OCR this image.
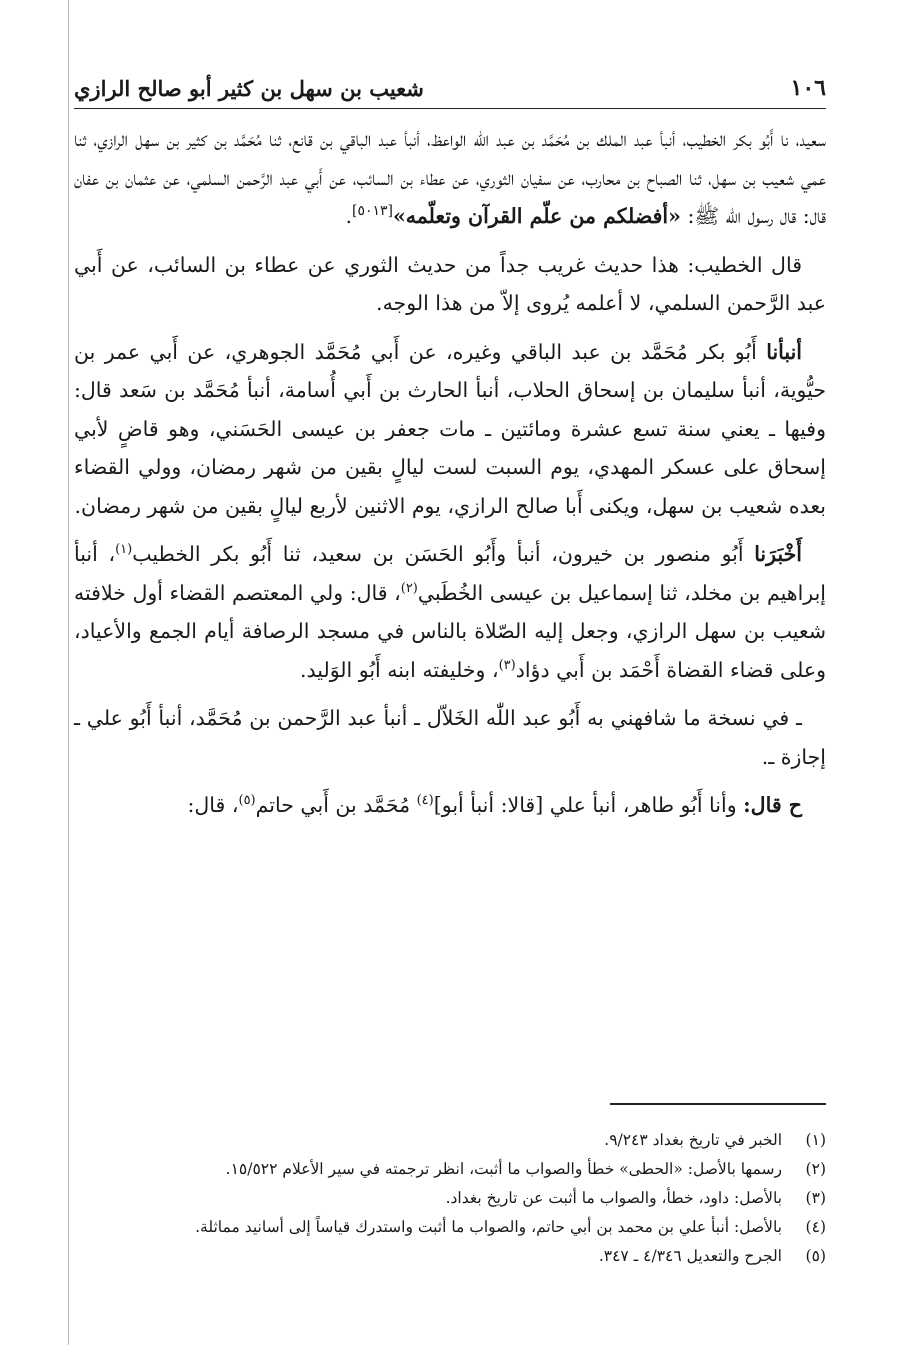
١٠٦
شعيب بن سهل بن كثير أبو صالح الرازي

سعيد، نا أَبُو بكر الخطيب، أنبأ عبد الملك بن مُحَمَّد بن عبد اللّٰه الواعظ، أنبأ عبد الباقي بن قانع، ثنا مُحَمَّد بن كثير بن سهل الرازي، ثنا عمي شعيب بن سهل، ثنا الصباح بن محارب، عن سفيان الثوري، عن عطاء بن السائب، عن أَبي عبد الرَّحمن السلمي، عن عثمان بن عفان قال: قال رسول الله ﷺ: «أفضلكم من علّم القرآن وتعلّمه»[٥٠١٣].

قال الخطيب: هذا حديث غريب جداً من حديث الثوري عن عطاء بن السائب، عن أَبي عبد الرَّحمن السلمي، لا أعلمه يُروى إلاّ من هذا الوجه.

أنبأنا أَبُو بكر مُحَمَّد بن عبد الباقي وغيره، عن أَبي مُحَمَّد الجوهري، عن أَبي عمر بن حيُّوية، أنبأ سليمان بن إسحاق الحلاب، أنبأ الحارث بن أَبي أُسامة، أنبأ مُحَمَّد بن سَعد قال: وفيها ـ يعني سنة تسع عشرة ومائتين ـ مات جعفر بن عيسى الحَسَني، وهو قاضٍ لأبي إسحاق على عسكر المهدي، يوم السبت لست ليالٍ بقين من شهر رمضان، وولي القضاء بعده شعيب بن سهل، ويكنى أَبا صالح الرازي، يوم الاثنين لأربع ليالٍ بقين من شهر رمضان.

أَخْبَرَنا أَبُو منصور بن خيرون، أنبأ وأَبُو الحَسَن بن سعيد، ثنا أَبُو بكر الخطيب$^{(١)}$، أنبأ إبراهيم بن مخلد، ثنا إسماعيل بن عيسى الخُطَبي$^{(٢)}$، قال: ولي المعتصم القضاء أول خلافته شعيب بن سهل الرازي، وجعل إليه الصّلاة بالناس في مسجد الرصافة أيام الجمع والأعياد، وعلى قضاء القضاة أَحْمَد بن أَبي دؤاد$^{(٣)}$، وخليفته ابنه أَبُو الوَليد.

ـ في نسخة ما شافهني به أَبُو عبد اللّٰه الخَلاّل ـ أنبأ عبد الرَّحمن بن مُحَمَّد، أنبأ أَبُو علي ـ إجازة ـ.

ح قال: وأنا أَبُو طاهر، أنبأ علي [قالا: أنبأ أبو]$^{(٤)}$ مُحَمَّد بن أَبي حاتم$^{(٥)}$، قال:

(١)
الخبر في تاريخ بغداد ٩/٢٤٣.
(٢)
رسمها بالأصل: «الحطى» خطأ والصواب ما أثبت، انظر ترجمته في سير الأعلام ١٥/٥٢٢.
(٣)
بالأصل: داود، خطأ، والصواب ما أثبت عن تاريخ بغداد.
(٤)
بالأصل: أنبأ علي بن محمد بن أبي حاتم، والصواب ما أثبت واستدرك قياساً إلى أسانيد مماثلة.
(٥)
الجرح والتعديل ٤/٣٤٦ ـ ٣٤٧.
